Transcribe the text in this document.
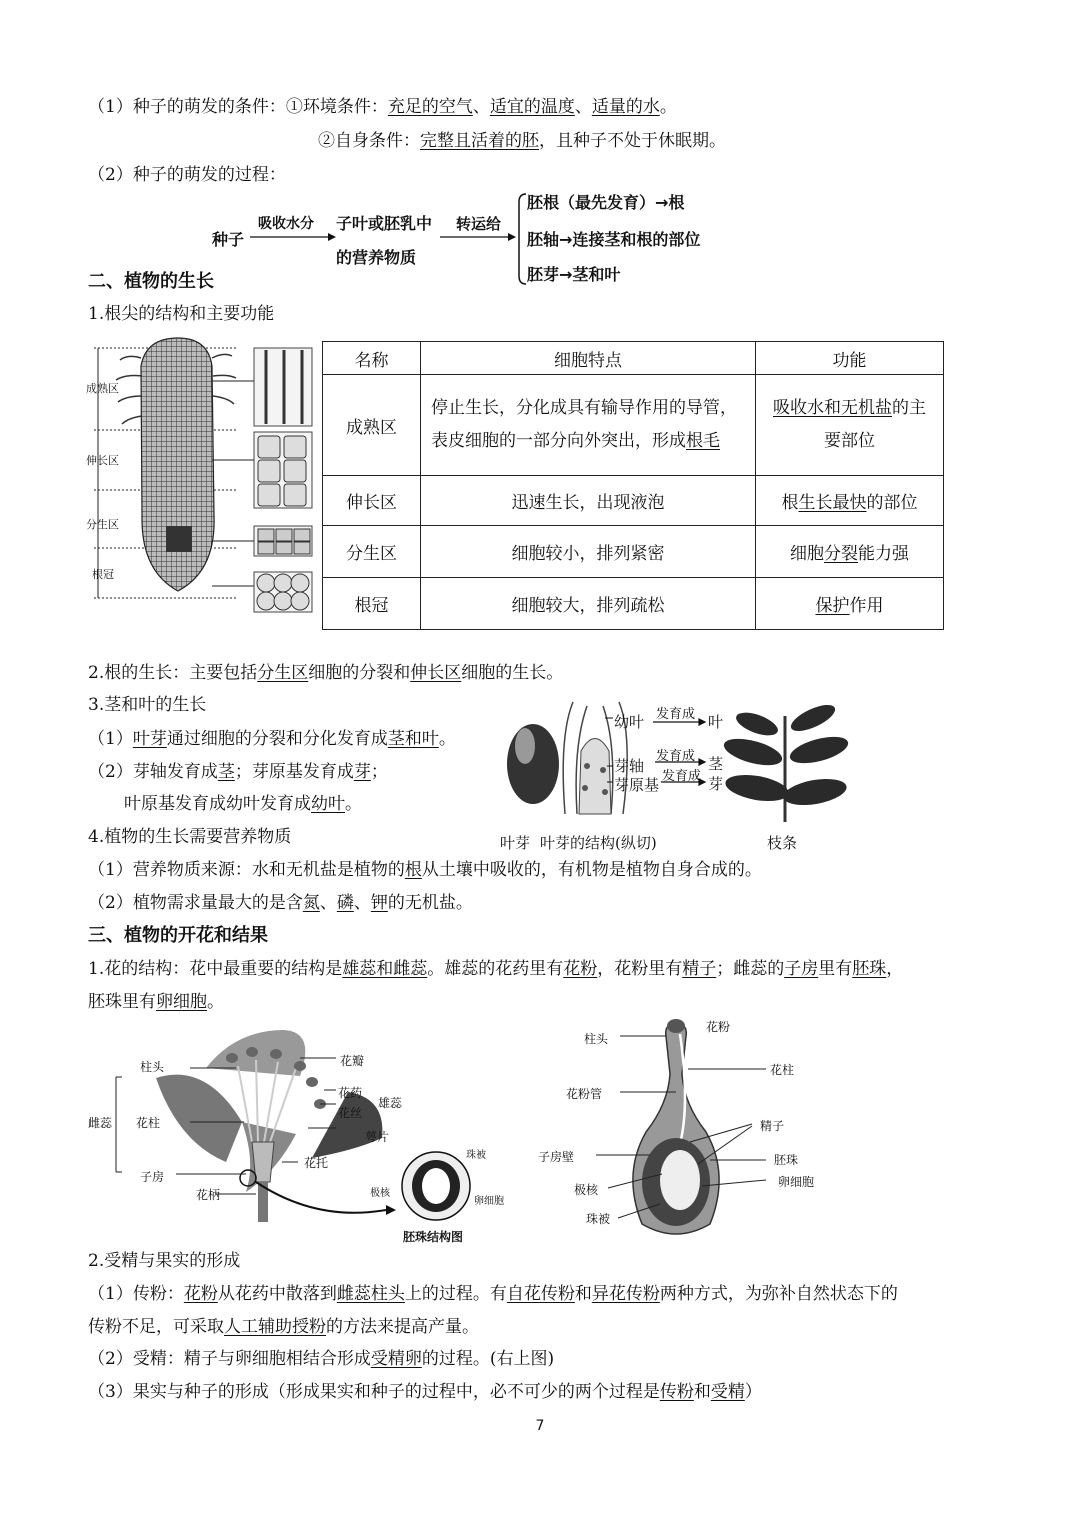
（1）种子的萌发的条件：①环境条件：充足的空气、适宜的温度、适量的水。
②自身条件：完整且活着的胚，且种子不处于休眠期。
（2）种子的萌发的过程：
种子
吸收水分 子叶或胚乳中
的营养物质
转运给
胚根（最先发育）→根
胚轴→连接茎和根的部位
胚芽→茎和叶
二、植物的生长
1.根尖的结构和主要功能
成熟区
伸长区
分生区
根冠
名称	细胞特点	功能
成熟区	停止生长，分化成具有输导作用的导管，表皮细胞的一部分向外突出，形成根毛	吸收水和无机盐的主要部位
伸长区	迅速生长，出现液泡	根生长最快的部位
分生区	细胞较小，排列紧密	细胞分裂能力强
根冠	细胞较大，排列疏松	保护作用
2.根的生长：主要包括分生区细胞的分裂和伸长区细胞的生长。
3.茎和叶的生长
（1）叶芽通过细胞的分裂和分化发育成茎和叶。
（2）芽轴发育成茎；芽原基发育成芽；
叶原基发育成幼叶发育成幼叶。
幼叶
芽轴
芽原基
发育成
发育成
发育成
叶
茎
芽
叶芽 叶芽的结构(纵切)	枝条
4.植物的生长需要营养物质
（1）营养物质来源：水和无机盐是植物的根从土壤中吸收的，有机物是植物自身合成的。
（2）植物需求量最大的是含氮、磷、钾的无机盐。
三、植物的开花和结果
1.花的结构：花中最重要的结构是雄蕊和雌蕊。雄蕊的花药里有花粉，花粉里有精子；雌蕊的子房里有胚珠，
胚珠里有卵细胞。
柱头	花瓣
花药
花丝
雄蕊
雌蕊 花柱
萼片
花托
子房
花柄
珠被
极核
卵细胞
胚珠结构图
柱头
花粉
花柱
花粉管
精子
子房壁	胚珠
极核
卵细胞
珠被
2.受精与果实的形成
（1）传粉：花粉从花药中散落到雌蕊柱头上的过程。有自花传粉和异花传粉两种方式，为弥补自然状态下的
传粉不足，可采取人工辅助授粉的方法来提高产量。
（2）受精：精子与卵细胞相结合形成受精卵的过程。(右上图)
（3）果实与种子的形成（形成果实和种子的过程中，必不可少的两个过程是传粉和受精）
7
